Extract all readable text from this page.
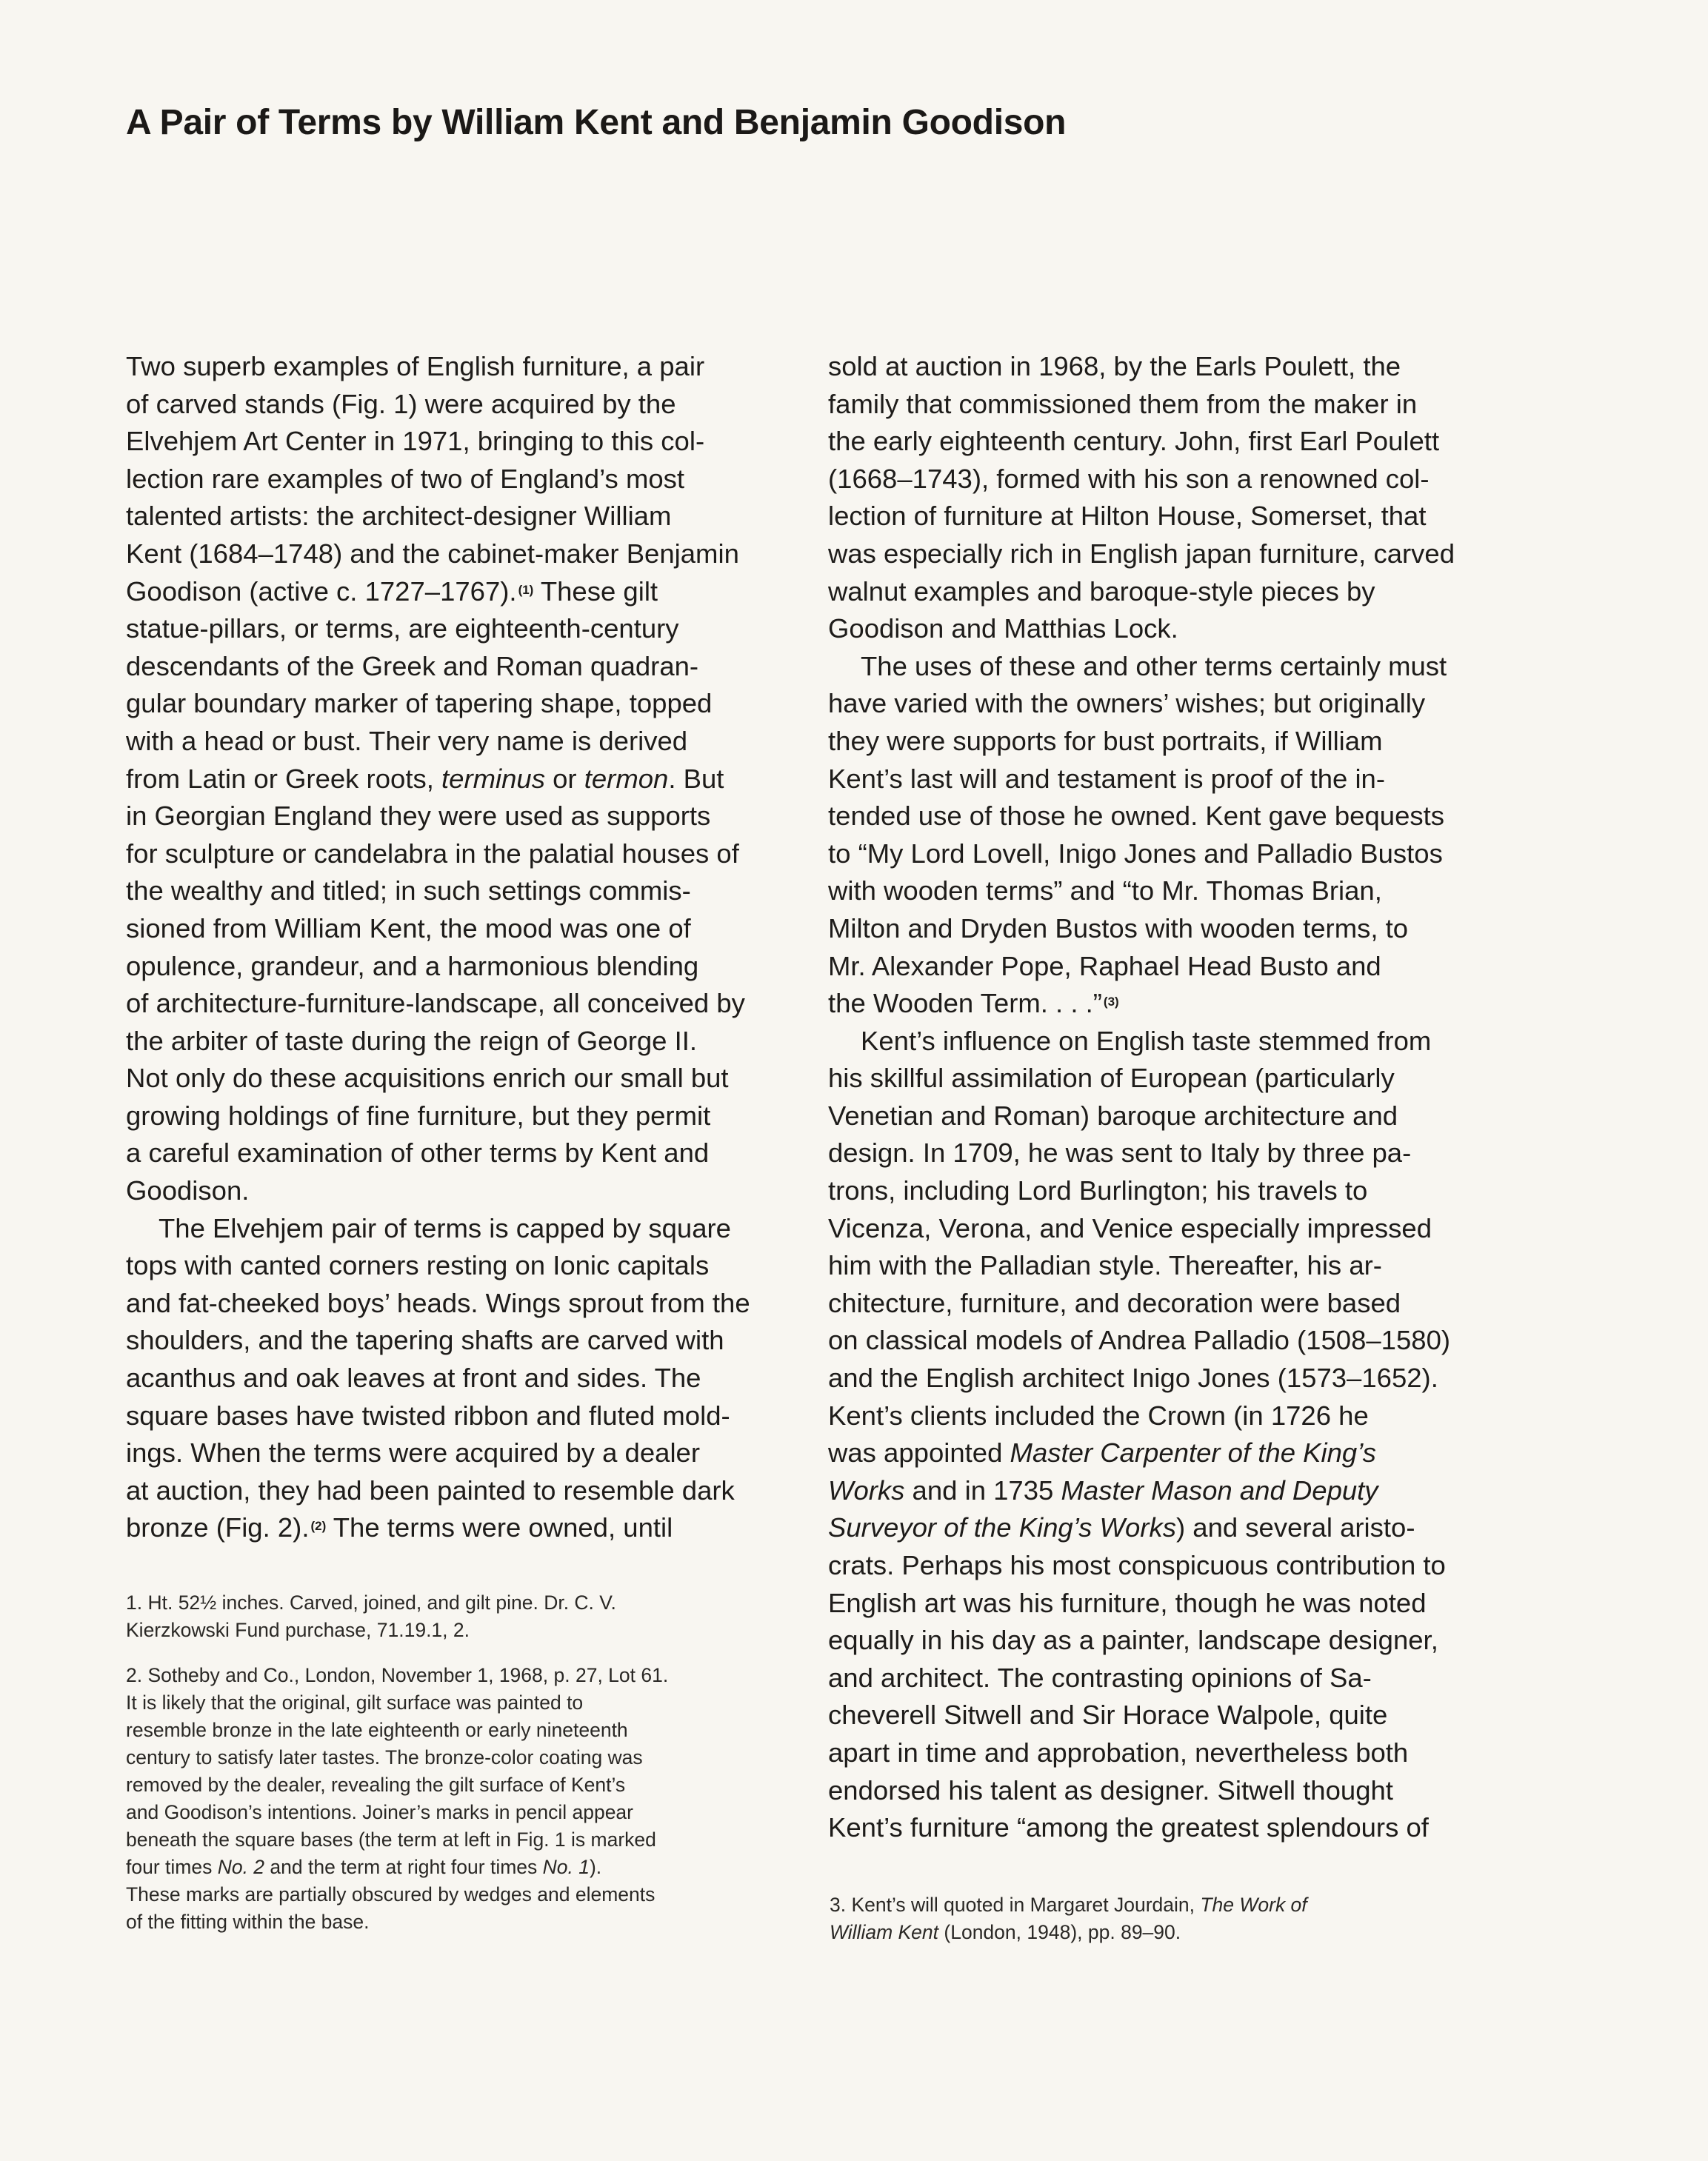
A Pair of Terms by William Kent and Benjamin Goodison
Two superb examples of English furniture, a pair
of carved stands (Fig. 1) were acquired by the
Elvehjem Art Center in 1971, bringing to this col-
lection rare examples of two of England’s most
talented artists: the architect-designer William
Kent (1684–1748) and the cabinet-maker Benjamin
Goodison (active c. 1727–1767). $^{(1)}$ These gilt
statue-pillars, or terms, are eighteenth-century
descendants of the Greek and Roman quadran-
gular boundary marker of tapering shape, topped
with a head or bust. Their very name is derived
from Latin or Greek roots, terminus or termon. But
in Georgian England they were used as supports
for sculpture or candelabra in the palatial houses of
the wealthy and titled; in such settings commis-
sioned from William Kent, the mood was one of
opulence, grandeur, and a harmonious blending
of architecture-furniture-landscape, all conceived by
the arbiter of taste during the reign of George II.
Not only do these acquisitions enrich our small but
growing holdings of fine furniture, but they permit
a careful examination of other terms by Kent and
Goodison.
The Elvehjem pair of terms is capped by square
tops with canted corners resting on Ionic capitals
and fat-cheeked boys’ heads. Wings sprout from the
shoulders, and the tapering shafts are carved with
acanthus and oak leaves at front and sides. The
square bases have twisted ribbon and fluted mold-
ings. When the terms were acquired by a dealer
at auction, they had been painted to resemble dark
bronze (Fig. 2). $^{(2)}$ The terms were owned, until
sold at auction in 1968, by the Earls Poulett, the
family that commissioned them from the maker in
the early eighteenth century. John, first Earl Poulett
(1668–1743), formed with his son a renowned col-
lection of furniture at Hilton House, Somerset, that
was especially rich in English japan furniture, carved
walnut examples and baroque-style pieces by
Goodison and Matthias Lock.
The uses of these and other terms certainly must
have varied with the owners’ wishes; but originally
they were supports for bust portraits, if William
Kent’s last will and testament is proof of the in-
tended use of those he owned. Kent gave bequests
to “My Lord Lovell, Inigo Jones and Palladio Bustos
with wooden terms” and “to Mr. Thomas Brian,
Milton and Dryden Bustos with wooden terms, to
Mr. Alexander Pope, Raphael Head Busto and
the Wooden Term. . . .” $^{(3)}$
Kent’s influence on English taste stemmed from
his skillful assimilation of European (particularly
Venetian and Roman) baroque architecture and
design. In 1709, he was sent to Italy by three pa-
trons, including Lord Burlington; his travels to
Vicenza, Verona, and Venice especially impressed
him with the Palladian style. Thereafter, his ar-
chitecture, furniture, and decoration were based
on classical models of Andrea Palladio (1508–1580)
and the English architect Inigo Jones (1573–1652).
Kent’s clients included the Crown (in 1726 he
was appointed Master Carpenter of the King’s
Works and in 1735 Master Mason and Deputy
Surveyor of the King’s Works) and several aristo-
crats. Perhaps his most conspicuous contribution to
English art was his furniture, though he was noted
equally in his day as a painter, landscape designer,
and architect. The contrasting opinions of Sa-
cheverell Sitwell and Sir Horace Walpole, quite
apart in time and approbation, nevertheless both
endorsed his talent as designer. Sitwell thought
Kent’s furniture “among the greatest splendours of
1. Ht. 52½ inches. Carved, joined, and gilt pine. Dr. C. V.
Kierzkowski Fund purchase, 71.19.1, 2.
2. Sotheby and Co., London, November 1, 1968, p. 27, Lot 61.
It is likely that the original, gilt surface was painted to
resemble bronze in the late eighteenth or early nineteenth
century to satisfy later tastes. The bronze-color coating was
removed by the dealer, revealing the gilt surface of Kent’s
and Goodison’s intentions. Joiner’s marks in pencil appear
beneath the square bases (the term at left in Fig. 1 is marked
four times No. 2 and the term at right four times No. 1).
These marks are partially obscured by wedges and elements
of the fitting within the base.
3. Kent’s will quoted in Margaret Jourdain, The Work of
William Kent (London, 1948), pp. 89–90.
